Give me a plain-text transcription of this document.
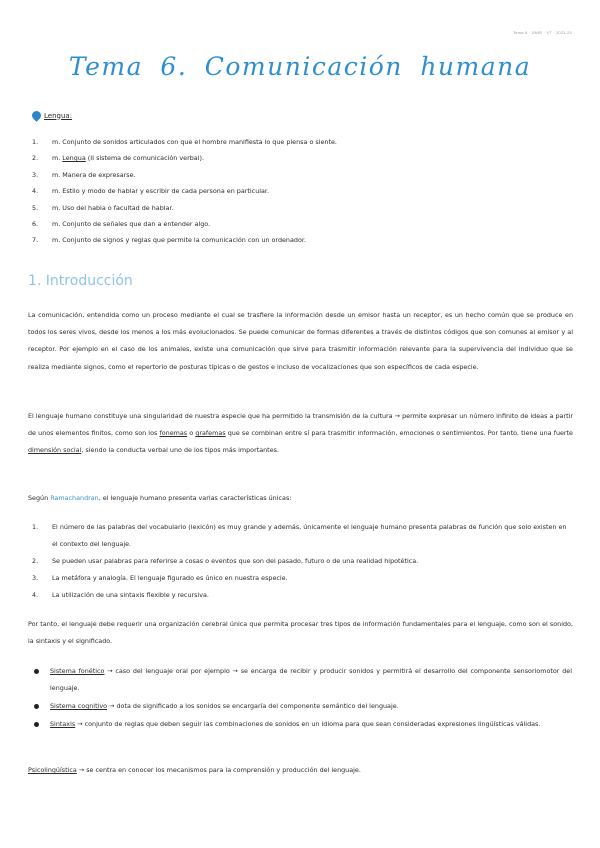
Tema 6 · UNIR · VT · 2023-24
Tema 6. Comunicación humana
Lengua:
1.	m. Conjunto de sonidos articulados con que el hombre manifiesta lo que piensa o siente.
2.	m. Lengua (II sistema de comunicación verbal).
3.	m. Manera de expresarse.
4.	m. Estilo y modo de hablar y escribir de cada persona en particular.
5.	m. Uso del habla o facultad de hablar.
6.	m. Conjunto de señales que dan a entender algo.
7.	m. Conjunto de signos y reglas que permite la comunicación con un ordenador.
1. Introducción

La comunicación, entendida como un proceso mediante el cual se trasfiere la información desde un emisor hasta un receptor, es un hecho común que se produce en todos los seres vivos, desde los menos a los más evolucionados. Se puede comunicar de formas diferentes a través de distintos códigos que son comunes al emisor y al receptor. Por ejemplo en el caso de los animales, existe una comunicación que sirve para trasmitir información relevante para la supervivencia del individuo que se realiza mediante signos, como el repertorio de posturas típicas o de gestos e incluso de vocalizaciones que son específicos de cada especie.

El lenguaje humano constituye una singularidad de nuestra especie que ha permitido la transmisión de la cultura → permite expresar un número infinito de ideas a partir de unos elementos finitos, como son los fonemas o grafemas que se combinan entre sí para trasmitir información, emociones o sentimientos. Por tanto, tiene una fuerte dimensión social, siendo la conducta verbal uno de los tipos más importantes.

Según Ramachandran, el lenguaje humano presenta varias características únicas:

1.	El número de las palabras del vocabulario (lexicón) es muy grande y además, únicamente el lenguaje humano presenta palabras de función que solo existen en el contexto del lenguaje.
2.	Se pueden usar palabras para referirse a cosas o eventos que son del pasado, futuro o de una realidad hipotética.
3.	La metáfora y analogía. El lenguaje figurado es único en nuestra especie.
4.	La utilización de una sintaxis flexible y recursiva.

Por tanto, el lenguaje debe requerir una organización cerebral única que permita procesar tres tipos de información fundamentales para el lenguaje, como son el sonido, la sintaxis y el significado.

Sistema fonético → caso del lenguaje oral por ejemplo → se encarga de recibir y producir sonidos y permitirá el desarrollo del componente sensoriomotor del lenguaje.
Sistema cognitivo → dota de significado a los sonidos se encargaría del componente semántico del lenguaje.
Sintaxis → conjunto de reglas que deben seguir las combinaciones de sonidos en un idioma para que sean consideradas expresiones lingüísticas válidas.

Psicolingüística → se centra en conocer los mecanismos para la comprensión y producción del lenguaje.
